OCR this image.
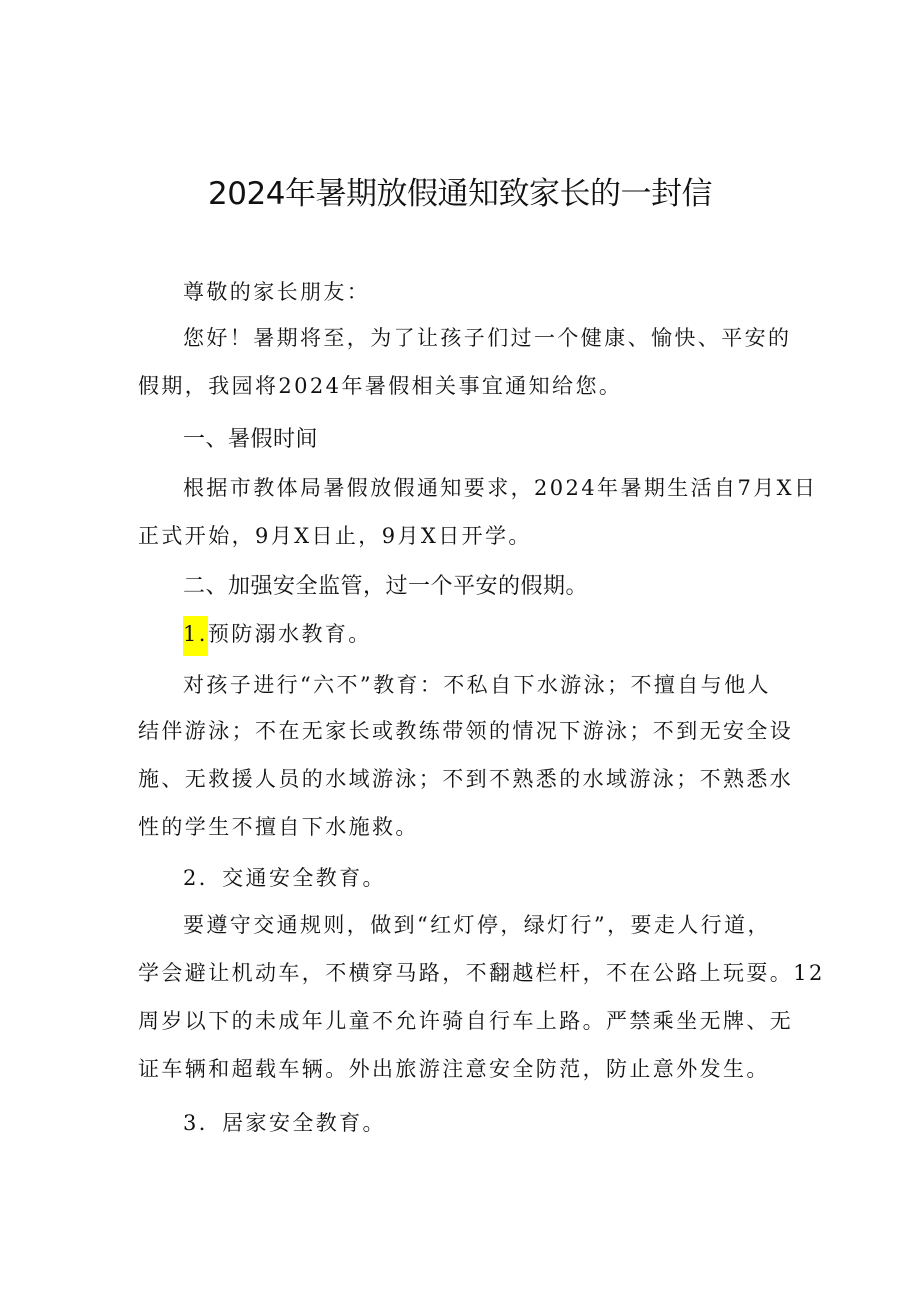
2024年暑期放假通知致家长的一封信
尊敬的家长朋友：
您好！暑期将至，为了让孩子们过一个健康、愉快、平安的
假期，我园将2024年暑假相关事宜通知给您。
一、暑假时间
根据市教体局暑假放假通知要求，2024年暑期生活自7月X日
正式开始，9月X日止，9月X日开学。
二、加强安全监管，过一个平安的假期。
1.预防溺水教育。
对孩子进行“六不”教育：不私自下水游泳；不擅自与他人
结伴游泳；不在无家长或教练带领的情况下游泳；不到无安全设
施、无救援人员的水域游泳；不到不熟悉的水域游泳；不熟悉水
性的学生不擅自下水施救。
2．交通安全教育。
要遵守交通规则，做到“红灯停，绿灯行”，要走人行道，
学会避让机动车，不横穿马路，不翻越栏杆，不在公路上玩耍。12
周岁以下的未成年儿童不允许骑自行车上路。严禁乘坐无牌、无
证车辆和超载车辆。外出旅游注意安全防范，防止意外发生。
3．居家安全教育。
